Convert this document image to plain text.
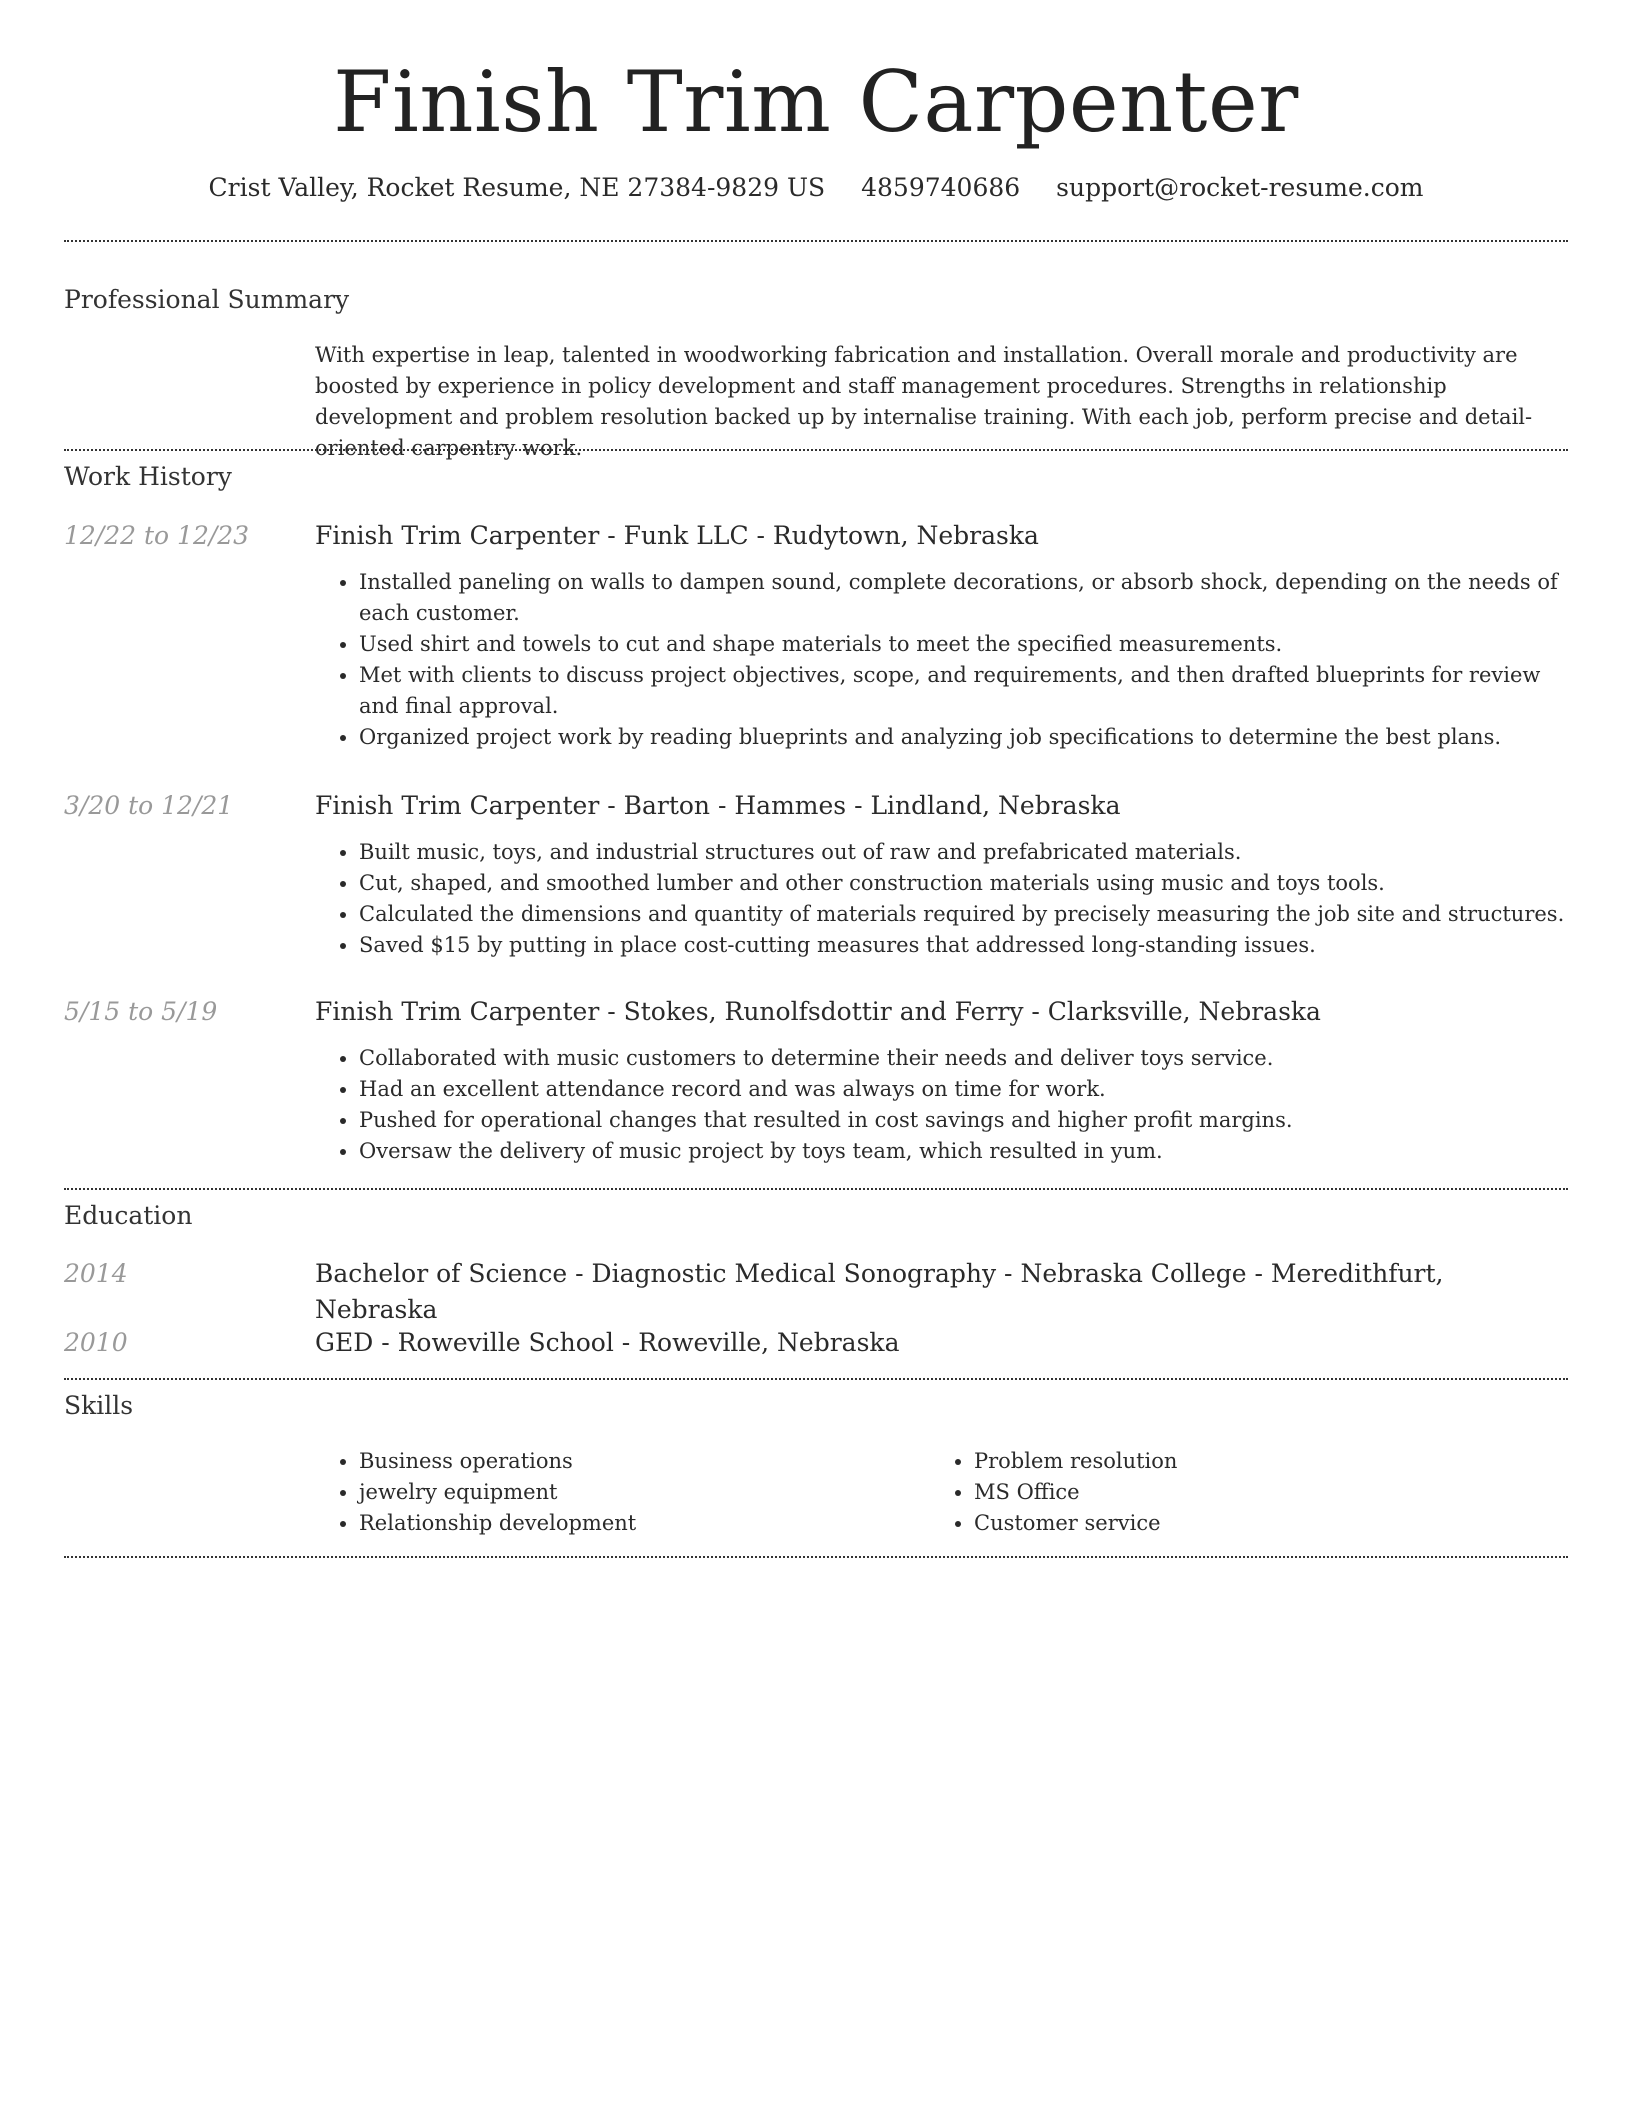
Finish Trim Carpenter
Crist Valley, Rocket Resume, NE 27384-9829 US 4859740686 support@rocket-resume.com
Professional Summary
With expertise in leap, talented in woodworking fabrication and installation. Overall morale and productivity are boosted by experience in policy development and staff management procedures. Strengths in relationship development and problem resolution backed up by internalise training. With each job, perform precise and detail-oriented carpentry work.
Work History
12/22 to 12/23	Finish Trim Carpenter - Funk LLC - Rudytown, Nebraska
• Installed paneling on walls to dampen sound, complete decorations, or absorb shock, depending on the needs of each customer.
• Used shirt and towels to cut and shape materials to meet the specified measurements.
• Met with clients to discuss project objectives, scope, and requirements, and then drafted blueprints for review and final approval.
• Organized project work by reading blueprints and analyzing job specifications to determine the best plans.
3/20 to 12/21	Finish Trim Carpenter - Barton - Hammes - Lindland, Nebraska
• Built music, toys, and industrial structures out of raw and prefabricated materials.
• Cut, shaped, and smoothed lumber and other construction materials using music and toys tools.
• Calculated the dimensions and quantity of materials required by precisely measuring the job site and structures.
• Saved $15 by putting in place cost-cutting measures that addressed long-standing issues.
5/15 to 5/19	Finish Trim Carpenter - Stokes, Runolfsdottir and Ferry - Clarksville, Nebraska
• Collaborated with music customers to determine their needs and deliver toys service.
• Had an excellent attendance record and was always on time for work.
• Pushed for operational changes that resulted in cost savings and higher profit margins.
• Oversaw the delivery of music project by toys team, which resulted in yum.
Education
2014	Bachelor of Science - Diagnostic Medical Sonography - Nebraska College - Meredithfurt, Nebraska
2010	GED - Roweville School - Roweville, Nebraska
Skills
• Business operations
• jewelry equipment
• Relationship development
• Problem resolution
• MS Office
• Customer service
